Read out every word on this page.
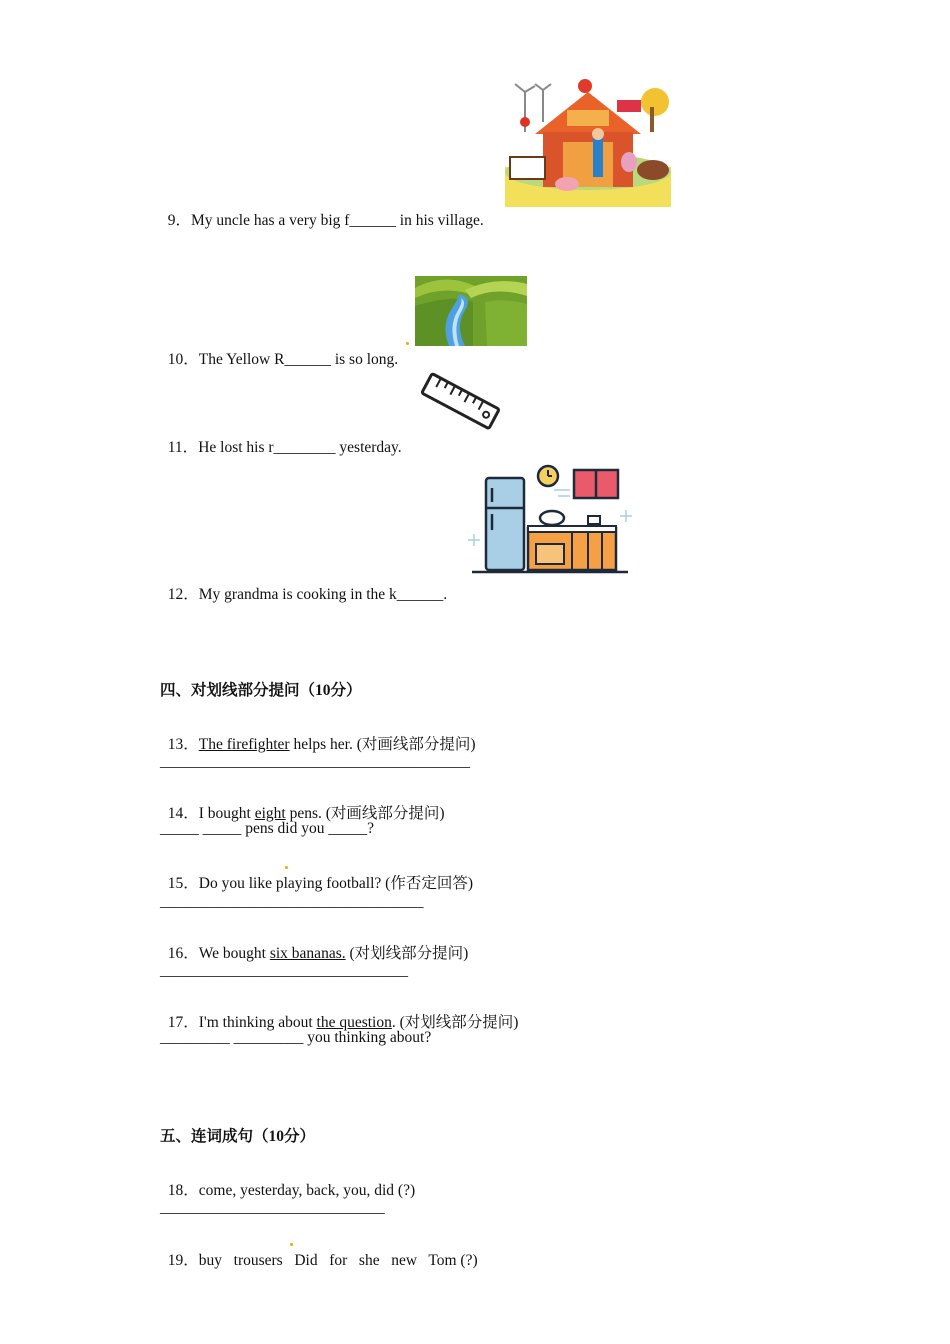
9．My uncle has a very big f______ in his village.

10．The Yellow R______ is so long.

11．He lost his r________ yesterday.

12．My grandma is cooking in the k______.

四、对划线部分提问（10分）

13．The firefighter helps her. (对画线部分提问)

________________________________________

14．I bought eight pens. (对画线部分提问)

_____ _____ pens did you _____?

15．Do you like playing football? (作否定回答)

__________________________________

16．We bought six bananas. (对划线部分提问)

________________________________

17．I'm thinking about the question. (对划线部分提问)

_________ _________ you thinking about?
五、连词成句（10分）

18．come, yesterday, back, you, did (?)

_____________________________

19．buy   trousers   Did   for   she   new   Tom (?)
